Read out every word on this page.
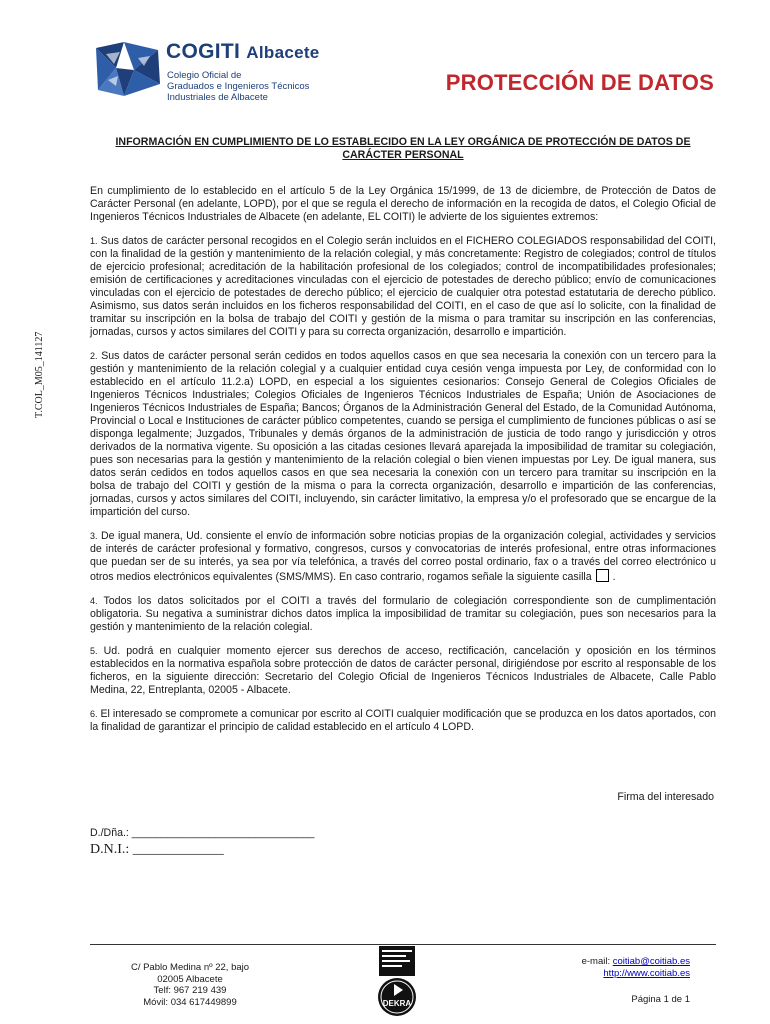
COGITI Albacete
Colegio Oficial de
Graduados e Ingenieros Técnicos
Industriales de Albacete
PROTECCIÓN DE DATOS
T.COL_M05_141127
INFORMACIÓN EN CUMPLIMIENTO DE LO ESTABLECIDO EN LA LEY ORGÁNICA DE PROTECCIÓN DE DATOS DE CARÁCTER PERSONAL

En cumplimiento de lo establecido en el artículo 5 de la Ley Orgánica 15/1999, de 13 de diciembre, de Protección de Datos de Carácter Personal (en adelante, LOPD), por el que se regula el derecho de información en la recogida de datos, el Colegio Oficial de Ingenieros Técnicos Industriales de Albacete (en adelante, EL COITI) le advierte de los siguientes extremos:

1. Sus datos de carácter personal recogidos en el Colegio serán incluidos en el FICHERO COLEGIADOS responsabilidad del COITI, con la finalidad de la gestión y mantenimiento de la relación colegial, y más concretamente: Registro de colegiados; control de títulos de ejercicio profesional; acreditación de la habilitación profesional de los colegiados; control de incompatibilidades profesionales; emisión de certificaciones y acreditaciones vinculadas con el ejercicio de potestades de derecho público; envío de comunicaciones vinculadas con el ejercicio de potestades de derecho público; el ejercicio de cualquier otra potestad estatutaria de derecho público. Asimismo, sus datos serán incluidos en los ficheros responsabilidad del COITI, en el caso de que así lo solicite, con la finalidad de tramitar su inscripción en la bolsa de trabajo del COITI y gestión de la misma o para tramitar su inscripción en las conferencias, jornadas, cursos y actos similares del COITI y para su correcta organización, desarrollo e impartición.

2. Sus datos de carácter personal serán cedidos en todos aquellos casos en que sea necesaria la conexión con un tercero para la gestión y mantenimiento de la relación colegial y a cualquier entidad cuya cesión venga impuesta por Ley, de conformidad con lo establecido en el artículo 11.2.a) LOPD, en especial a los siguientes cesionarios: Consejo General de Colegios Oficiales de Ingenieros Técnicos Industriales; Colegios Oficiales de Ingenieros Técnicos Industriales de España; Unión de Asociaciones de Ingenieros Técnicos Industriales de España; Bancos; Órganos de la Administración General del Estado, de la Comunidad Autónoma, Provincial o Local e Instituciones de carácter público competentes, cuando se persiga el cumplimiento de funciones públicas o así se disponga legalmente; Juzgados, Tribunales y demás órganos de la administración de justicia de todo rango y jurisdicción y otros derivados de la normativa vigente. Su oposición a las citadas cesiones llevará aparejada la imposibilidad de tramitar su colegiación, pues son necesarias para la gestión y mantenimiento de la relación colegial o bien vienen impuestas por Ley. De igual manera, sus datos serán cedidos en todos aquellos casos en que sea necesaria la conexión con un tercero para tramitar su inscripción en la bolsa de trabajo del COITI y gestión de la misma o para la correcta organización, desarrollo e impartición de las conferencias, jornadas, cursos y actos similares del COITI, incluyendo, sin carácter limitativo, la empresa y/o el profesorado que se encargue de la impartición del curso.

3. De igual manera, Ud. consiente el envío de información sobre noticias propias de la organización colegial, actividades y servicios de interés de carácter profesional y formativo, congresos, cursos y convocatorias de interés profesional, entre otras informaciones que puedan ser de su interés, ya sea por vía telefónica, a través del correo postal ordinario, fax o a través del correo electrónico u otros medios electrónicos equivalentes (SMS/MMS). En caso contrario, rogamos señale la siguiente casilla .

4. Todos los datos solicitados por el COITI a través del formulario de colegiación correspondiente son de cumplimentación obligatoria. Su negativa a suministrar dichos datos implica la imposibilidad de tramitar su colegiación, pues son necesarios para la gestión y mantenimiento de la relación colegial.

5. Ud. podrá en cualquier momento ejercer sus derechos de acceso, rectificación, cancelación y oposición en los términos establecidos en la normativa española sobre protección de datos de carácter personal, dirigiéndose por escrito al responsable de los ficheros, en la siguiente dirección: Secretario del Colegio Oficial de Ingenieros Técnicos Industriales de Albacete, Calle Pablo Medina, 22, Entreplanta, 02005 - Albacete.

6. El interesado se compromete a comunicar por escrito al COITI cualquier modificación que se produzca en los datos aportados, con la finalidad de garantizar el principio de calidad establecido en el artículo 4 LOPD.

Firma del interesado
D./Dña.: _______________________________
D.N.I.: _____________
C/ Pablo Medina nº 22, bajo
02005 Albacete
Telf: 967 219 439
Móvil: 034 617449899	DEKRA
e-mail: coitiab@coitiab.es
http://www.coitiab.es
Página 1 de 1
